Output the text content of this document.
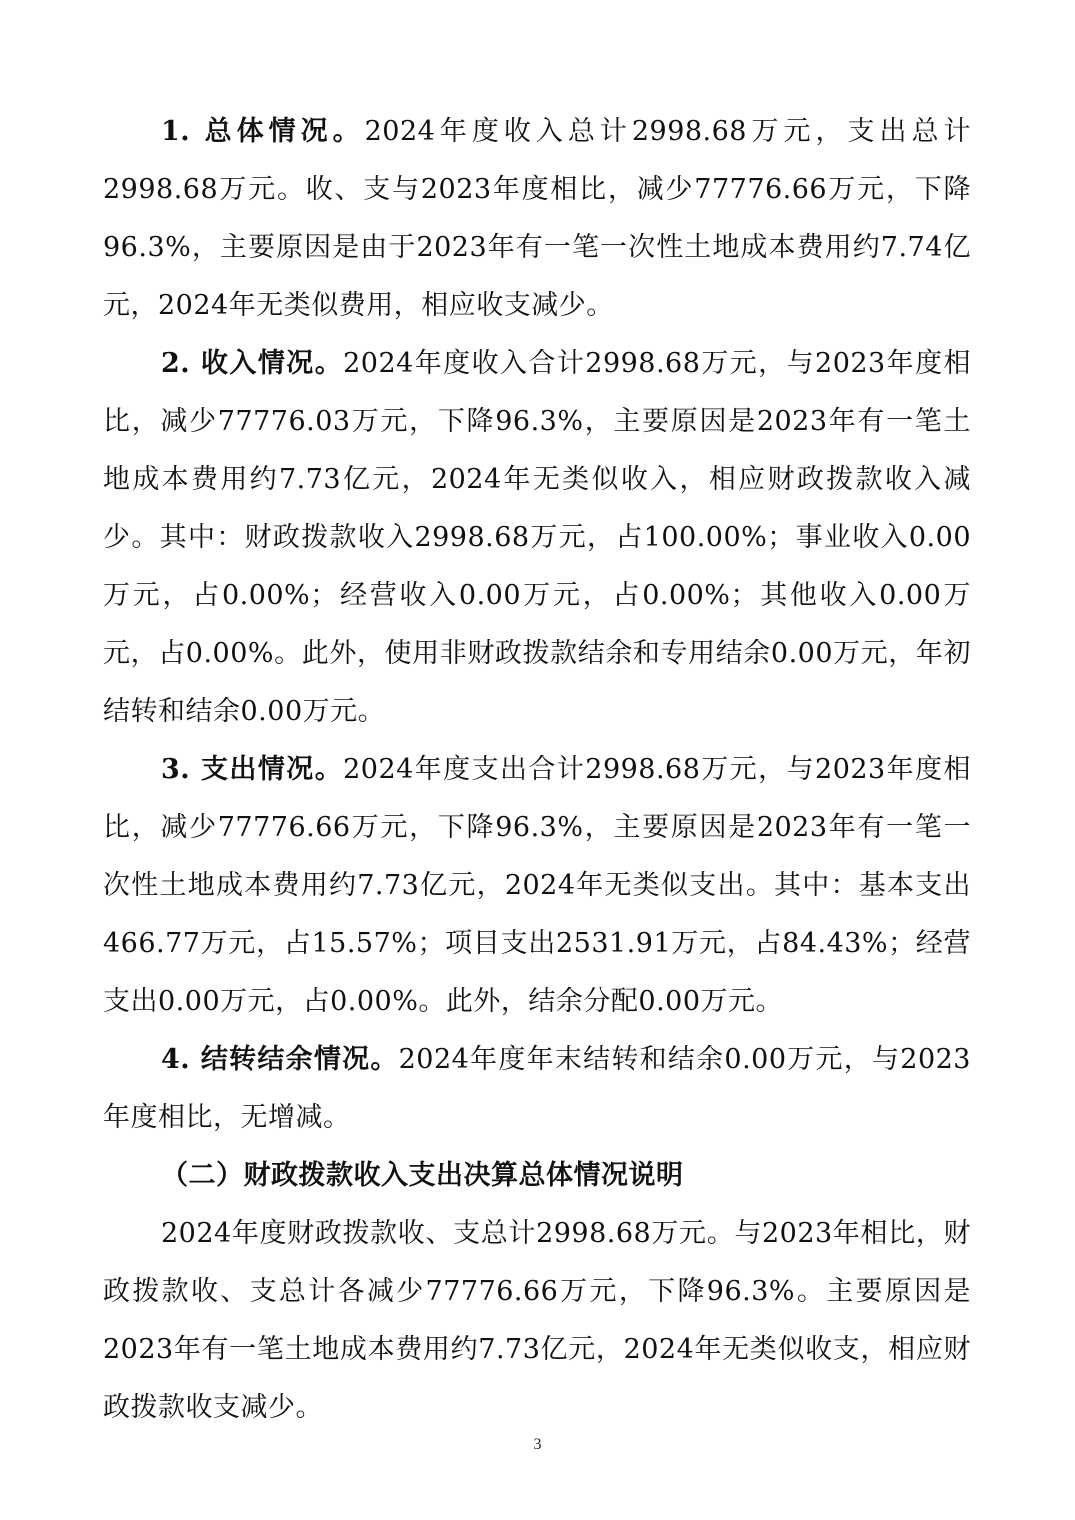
1. 总体情况。2024年度收入总计2998.68万元，支出总计2998.68万元。收、支与2023年度相比，减少77776.66万元，下降96.3%，主要原因是由于2023年有一笔一次性土地成本费用约7.74亿元，2024年无类似费用，相应收支减少。

2. 收入情况。2024年度收入合计2998.68万元，与2023年度相比，减少77776.03万元，下降96.3%，主要原因是2023年有一笔土地成本费用约7.73亿元，2024年无类似收入，相应财政拨款收入减少。其中：财政拨款收入2998.68万元，占100.00%；事业收入0.00万元，占0.00%；经营收入0.00万元，占0.00%；其他收入0.00万元，占0.00%。此外，使用非财政拨款结余和专用结余0.00万元，年初结转和结余0.00万元。

3. 支出情况。2024年度支出合计2998.68万元，与2023年度相比，减少77776.66万元，下降96.3%，主要原因是2023年有一笔一次性土地成本费用约7.73亿元，2024年无类似支出。其中：基本支出466.77万元，占15.57%；项目支出2531.91万元，占84.43%；经营支出0.00万元，占0.00%。此外，结余分配0.00万元。

4. 结转结余情况。2024年度年末结转和结余0.00万元，与2023年度相比，无增减。

（二）财政拨款收入支出决算总体情况说明

2024年度财政拨款收、支总计2998.68万元。与2023年相比，财政拨款收、支总计各减少77776.66万元，下降96.3%。主要原因是2023年有一笔土地成本费用约7.73亿元，2024年无类似收支，相应财政拨款收支减少。

3
